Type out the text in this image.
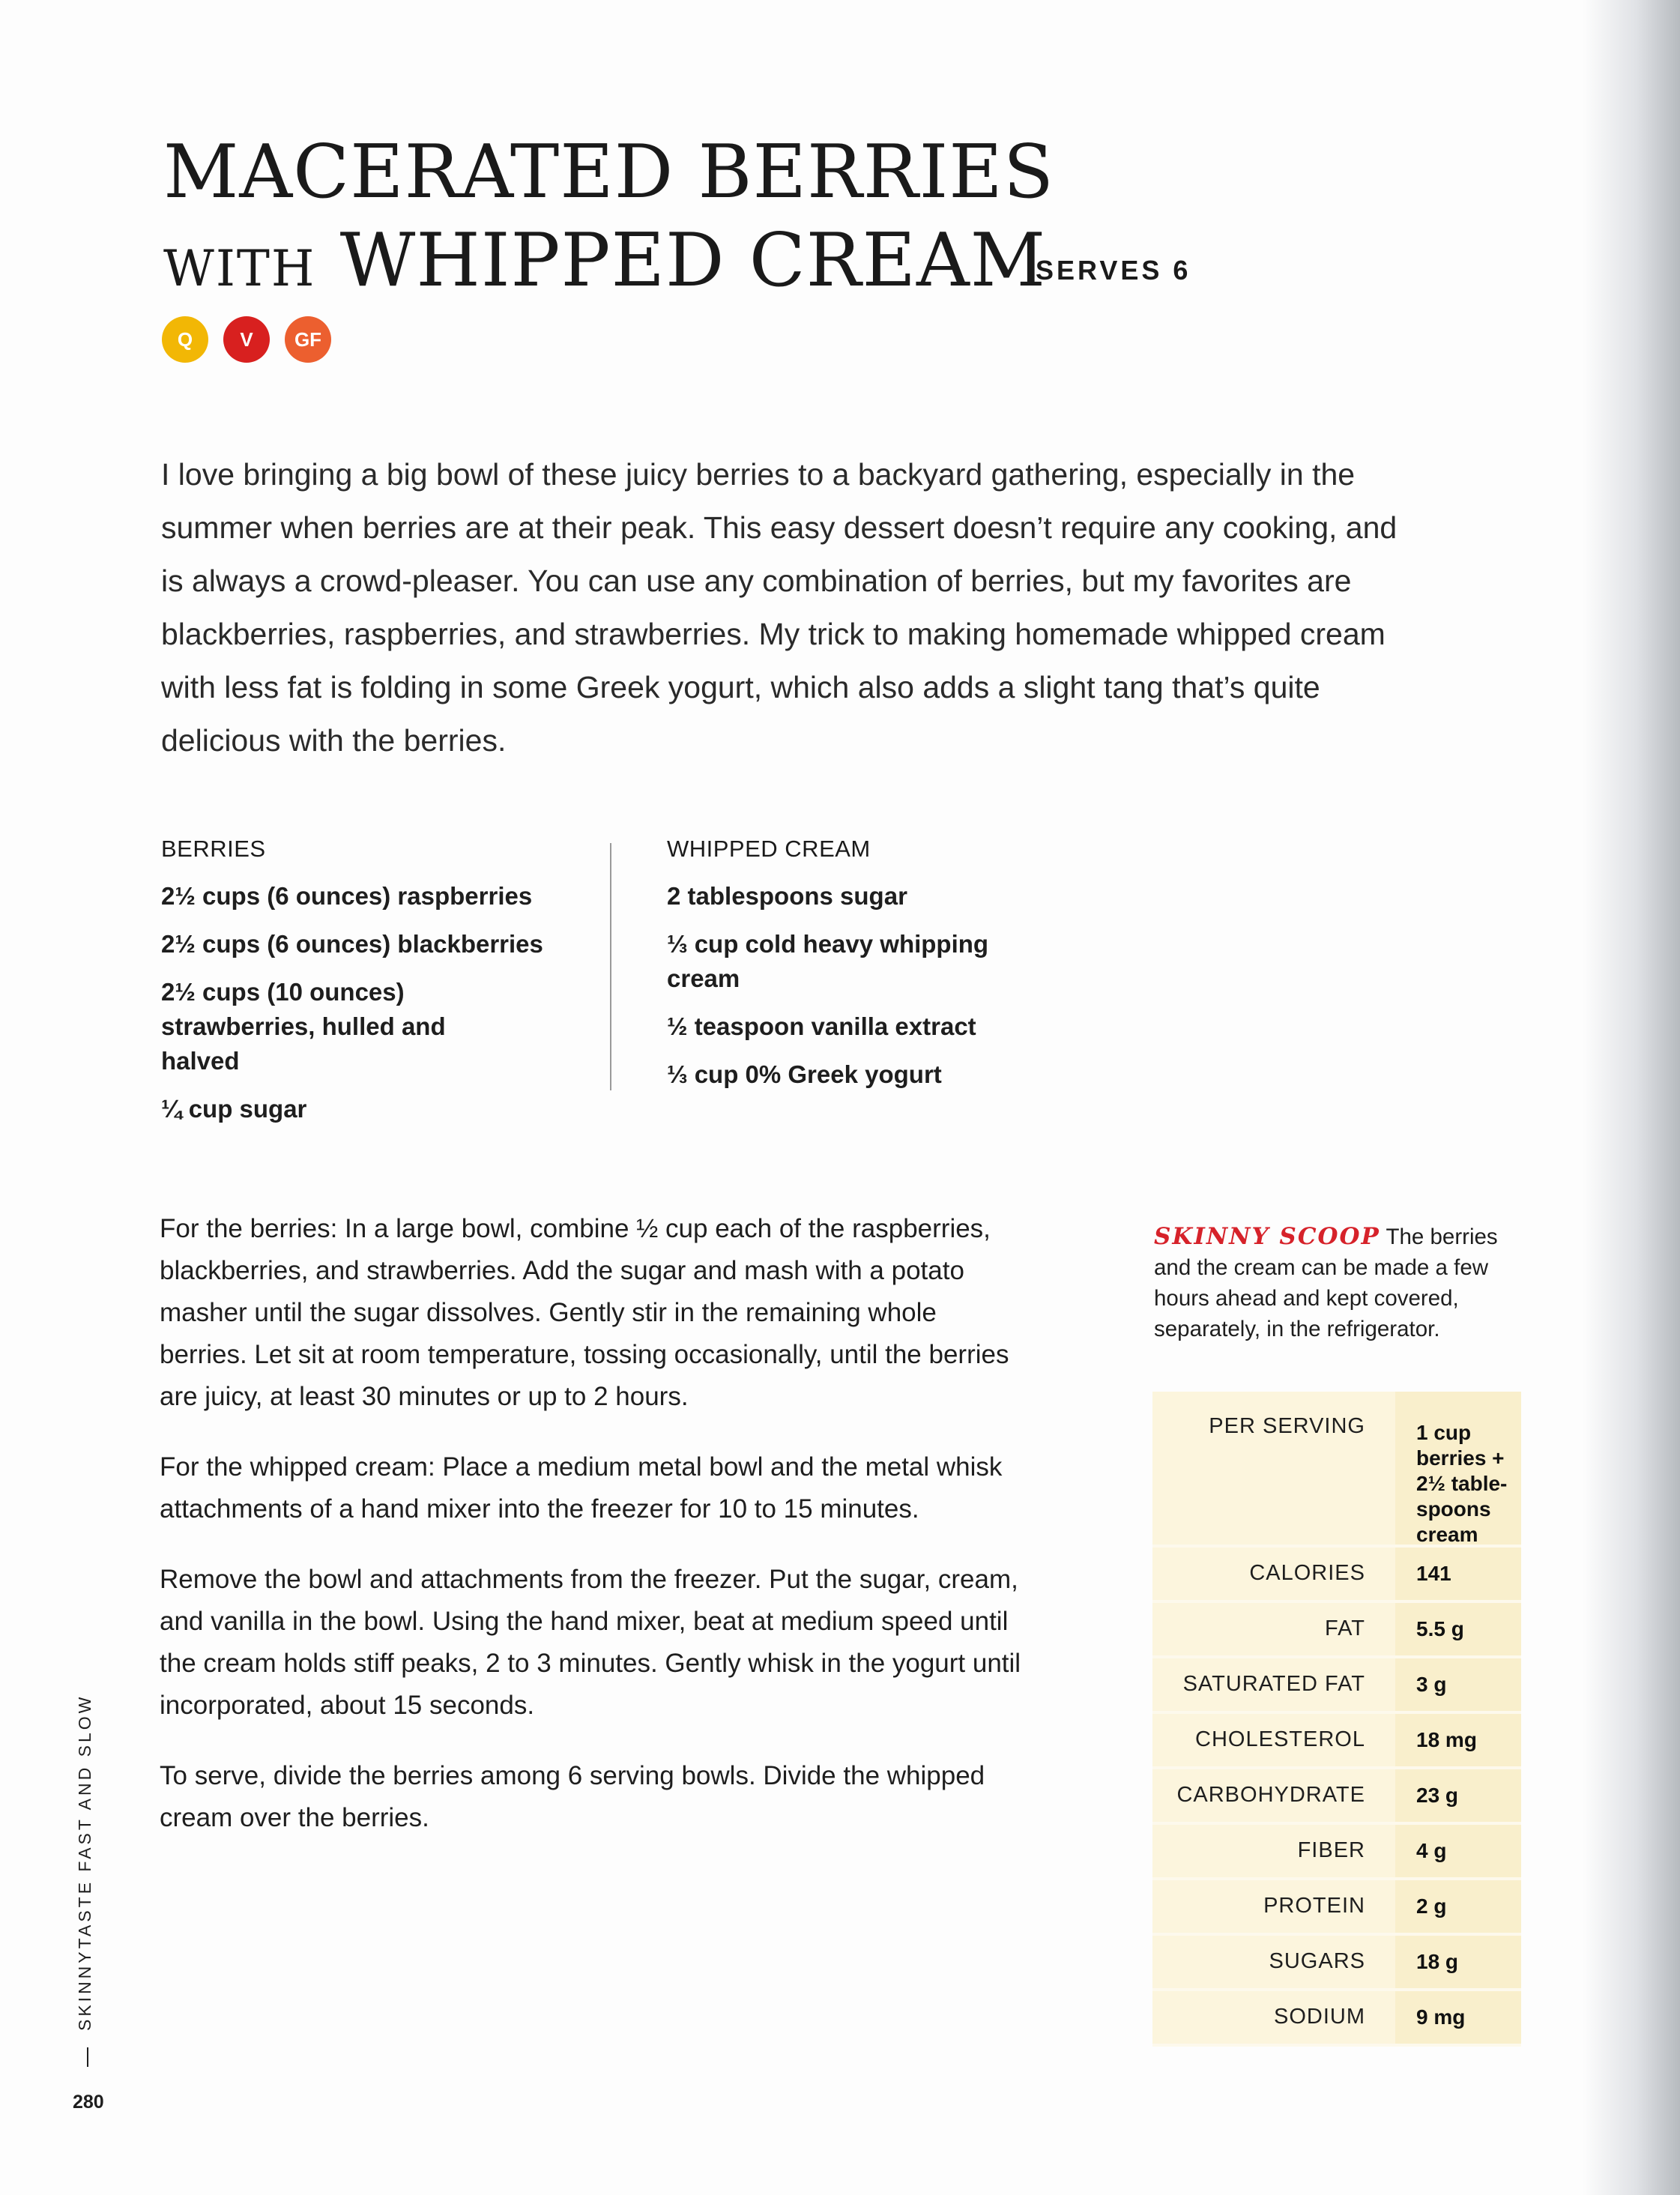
MACERATED BERRIES
WITH WHIPPED CREAM
SERVES 6
Q	V	GF

I love bringing a big bowl of these juicy berries to a backyard gathering, especially in the summer when berries are at their peak. This easy dessert doesn’t require any cooking, and is always a crowd-pleaser. You can use any combination of berries, but my favorites are blackberries, raspberries, and strawberries. My trick to making homemade whipped cream with less fat is folding in some Greek yogurt, which also adds a slight tang that’s quite delicious with the berries.

BERRIES
2½ cups (6 ounces) raspberries
2½ cups (6 ounces) blackberries
2½ cups (10 ounces) strawberries, hulled and halved
¼ cup sugar
WHIPPED CREAM
2 tablespoons sugar
⅓ cup cold heavy whipping cream
½ teaspoon vanilla extract
⅓ cup 0% Greek yogurt

For the berries: In a large bowl, combine ½ cup each of the raspberries, blackberries, and strawberries. Add the sugar and mash with a potato masher until the sugar dissolves. Gently stir in the remaining whole berries. Let sit at room temperature, tossing occasionally, until the berries are juicy, at least 30 minutes or up to 2 hours.

For the whipped cream: Place a medium metal bowl and the metal whisk attachments of a hand mixer into the freezer for 10 to 15 minutes.

Remove the bowl and attachments from the freezer. Put the sugar, cream, and vanilla in the bowl. Using the hand mixer, beat at medium speed until the cream holds stiff peaks, 2 to 3 minutes. Gently whisk in the yogurt until incorporated, about 15 seconds.

To serve, divide the berries among 6 serving bowls. Divide the whipped cream over the berries.

SKINNY SCOOP The berries and the cream can be made a few hours ahead and kept covered, separately, in the refrigerator.
PER SERVING	1 cup berries + 2½ table-spoons cream
CALORIES	141
FAT	5.5 g
SATURATED FAT	3 g
CHOLESTEROL	18 mg
CARBOHYDRATE	23 g
FIBER	4 g
PROTEIN	2 g
SUGARS	18 g
SODIUM	9 mg
SKINNYTASTE FAST AND SLOW
280
